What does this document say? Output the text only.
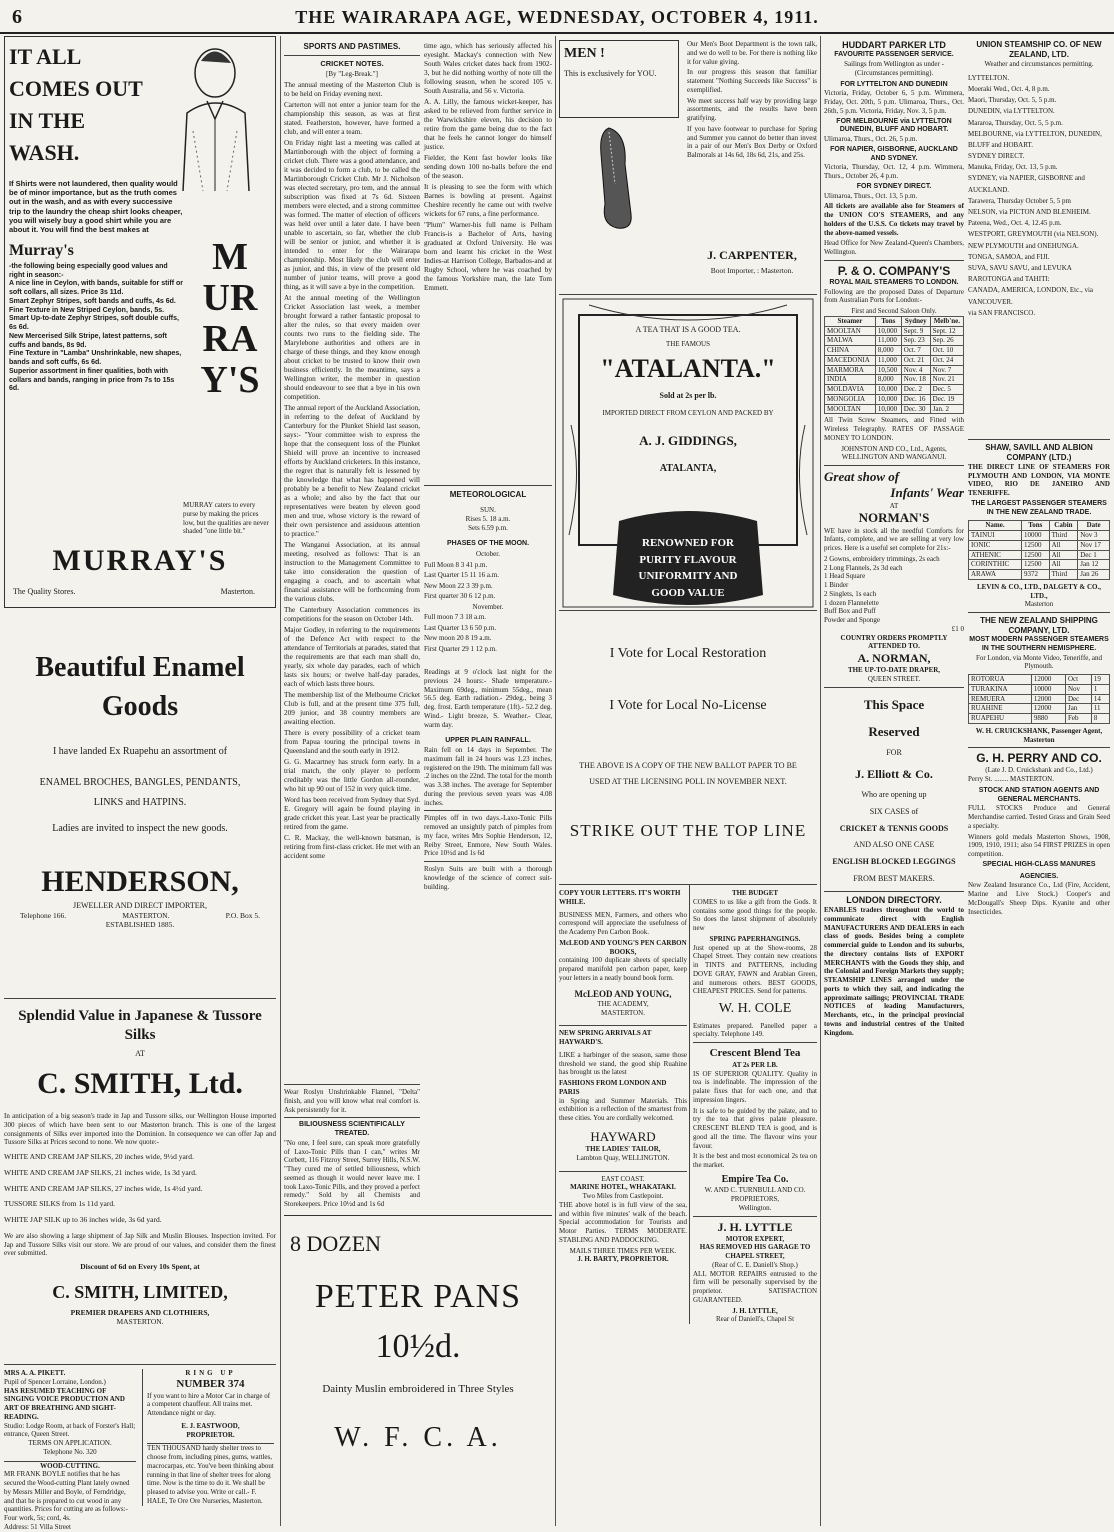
6	THE WAIRARAPA AGE, WEDNESDAY, OCTOBER 4, 1911.
IT ALL
COMES OUT
IN THE
WASH.
If Shirts were not laundered, then quality would be of minor importance, but as the truth comes out in the wash, and as with every successive trip to the laundry the cheap shirt looks cheaper, you will wisely buy a good shirt while you are about it. You will find the best makes at
Murray's
-the following being especially good values and right in season:-
A nice line in Ceylon, with bands, suitable for stiff or soft collars, all sizes. Price 3s 11d.
Smart Zephyr Stripes, soft bands and cuffs, 4s 6d.
Fine Texture in New Striped Ceylon, bands, 5s.
Smart Up-to-date Zephyr Stripes, soft double cuffs, 6s 6d.
New Mercerised Silk Stripe, latest patterns, soft cuffs and bands, 8s 9d.
Fine Texture in "Lamba" Unshrinkable, new shapes, bands and soft cuffs, 6s 6d.
Superior assortment in finer qualities, both with collars and bands, ranging in price from 7s to 15s 6d.
MURRAY'S
MURRAY caters to every purse by making the prices low, but the qualities are never shaded "one little bit."
MURRAY'S
The Quality Stores.	Masterton.
Beautiful Enamel
Goods
I have landed Ex Ruapehu an assortment of
ENAMEL BROCHES, BANGLES, PENDANTS, LINKS and HATPINS.
Ladies are invited to inspect the new goods.
HENDERSON,
JEWELLER AND DIRECT IMPORTER,
Telephone 166.	MASTERTON.	P.O. Box 5.
ESTABLISHED 1885.
Splendid Value in Japanese & Tussore Silks
AT
C. SMITH, Ltd.

In anticipation of a big season's trade in Jap and Tussore silks, our Wellington House imported 300 pieces of which have been sent to our Masterton branch. This is one of the largest consignments of Silks ever imported into the Dominion. In consequence we can offer Jap and Tussore Silks at Prices second to none. We now quote:-

WHITE AND CREAM JAP SILKS, 20 inches wide, 9½d yard.
WHITE AND CREAM JAP SILKS, 21 inches wide, 1s 3d yard.
WHITE AND CREAM JAP SILKS, 27 inches wide, 1s 4½d yard.
TUSSORE SILKS from 1s 11d yard.
WHITE JAP SILK up to 36 inches wide, 3s 6d yard.

We are also showing a large shipment of Jap Silk and Muslin Blouses. Inspection invited. For Jap and Tussore Silks visit our store. We are proud of our values, and consider them the finest ever submitted.

Discount of 6d on Every 10s Spent, at
C. SMITH, LIMITED,
PREMIER DRAPERS AND CLOTHIERS,
MASTERTON.
MRS A. A. PIKETT.
Pupil of Spencer Lorraine, London.)
HAS RESUMED TEACHING OF SINGING VOICE PRODUCTION AND ART OF BREATHING AND SIGHT-READING.
Studio: Lodge Room, at back of Forster's Hall; entrance, Queen Street.
TERMS ON APPLICATION.
Telephone No. 320
WOOD-CUTTING.
MR FRANK BOYLE notifies that he has secured the Wood-cutting Plant lately owned by Messrs Miller and Boyle, of Ferndridge, and that he is prepared to cut wood in any quantities. Prices for cutting are as follows:- Four work, 5s; cord, 4s.
Address: 51 Villa Street
RING UP
NUMBER 374
If you want to hire a Motor Car in charge of a competent chauffeur. All trains met.
Attendance night or day.
E. J. EASTWOOD,
PROPRIETOR.
TEN THOUSAND hardy shelter trees to choose from, including pines, gums, wattles, macrocarpas, etc. You've been thinking about running in that line of shelter trees for along time. Now is the time to do it. We shall be pleased to advise you. Write or call.- F. HALE, Te Ore Ore Nurseries, Masterton.
SPORTS AND PASTIMES.
CRICKET NOTES.
[By "Leg-Break."]

The annual meeting of the Masterton Club is to be held on Friday evening next.

Carterton will not enter a junior team for the championship this season, as was at first stated. Featherston, however, have formed a club, and will enter a team.

On Friday night last a meeting was called at Martinborough with the object of forming a cricket club. There was a good attendance, and it was decided to form a club, to be called the Martinborough Cricket Club. Mr J. Nicholson was elected secretary, pro tem, and the annual subscription was fixed at 7s 6d. Sixteen members were elected, and a strong committee was formed. The matter of election of officers was held over until a later date. I have been unable to ascertain, so far, whether the club will be senior or junior, and whether it is intended to enter for the Wairarapa championship. Most likely the club will enter as junior, and this, in view of the present old number of junior teams, will prove a good thing, as it will save a bye in the competition.

At the annual meeting of the Wellington Cricket Association last week, a member brought forward a rather fantastic proposal to alter the rules, so that every maiden over counts two runs to the fielding side. The Marylebone authorities and others are in charge of these things, and they know enough about cricket to be trusted to know their own business efficiently. In the meantime, says a Wellington writer, the member in question should endeavour to see that a bye in his own competition.

The annual report of the Auckland Association, in referring to the defeat of Auckland by Canterbury for the Plunket Shield last season, says:- "Your committee wish to express the hope that the consequent loss of the Plunket Shield will prove an incentive to increased efforts by Auckland cricketers. In this instance, the regret that is naturally felt is lessened by the knowledge that what has happened will probably be a benefit to New Zealand cricket as a whole; and also by the fact that our representatives were beaten by eleven good men and true, whose victory is the reward of their own persistence and assiduous attention to practice."

The Wanganui Association, at its annual meeting, resolved as follows: That is an instruction to the Management Committee to take into consideration the question of engaging a coach, and to ascertain what financial assistance will be forthcoming from the various clubs.

The Canterbury Association commences its competitions for the season on October 14th.

Major Godley, in referring to the requirements of the Defence Act with respect to the attendance of Territorials at parades, stated that the requirements are that each man shall do, yearly, six whole day parades, each of which lasts six hours; or twelve half-day parades, each of which lasts three hours.

The membership list of the Melbourne Cricket Club is full, and at the present time 375 full, 209 junior, and 38 country members are awaiting election.

There is every possibility of a cricket team from Papua touring the principal towns in Queensland and the south early in 1912.

G. G. Macartney has struck form early. In a trial match, the only player to perform creditably was the little Gordon all-rounder, who hit up 90 out of 152 in very quick time.

Word has been received from Sydney that Syd. E. Gregory will again be found playing in grade cricket this year. Last year he practically retired from the game.

C. R. Mackay, the well-known batsman, is retiring from first-class cricket. He met with an accident some

Wear Roslyn Unshrinkable Flannel, "Delta" finish, and you will know what real comfort is. Ask persistently for it.

BILIOUSNESS SCIENTIFICALLY TREATED.

"No one, I feel sure, can speak more gratefully of Laxo-Tonic Pills than I can," writes Mr Corbett, 116 Fitzroy Street, Surrey Hills, N.S.W. "They cured me of settled biliousness, which seemed as though it would never leave me. I took Laxo-Tonic Pills, and they proved a perfect remedy." Sold by all Chemists and Storekeepers. Price 10½d and 1s 6d

time ago, which has seriously affected his eyesight. Mackay's connection with New South Wales cricket dates back from 1902-3, but he did nothing worthy of note till the following season, when he scored 105 v. South Australia, and 56 v. Victoria.

A. A. Lilly, the famous wicket-keeper, has asked to be relieved from further service in the Warwickshire eleven, his decision to retire from the game being due to the fact that he feels he cannot longer do himself justice.

Fielder, the Kent fast bowler looks like sending down 100 no-balls before the end of the season.

It is pleasing to see the form with which Barnes is bowling at present. Against Cheshire recently he came out with twelve wickets for 67 runs, a fine performance.

"Plum" Warner-his full name is Pelham Francis-is a Bachelor of Arts, having graduated at Oxford University. He was born and learnt his cricket in the West Indies-at Harrison College, Barbados-and at Rugby School, where he was coached by the famous Yorkshire man, the late Tom Emmett.

METEOROLOGICAL
SUN.
Rises 5. 18 a.m.
Sets 6.59 p.m.
PHASES OF THE MOON.
October.
Full Moon 8 3 41 p.m.
Last Quarter 15 11 16 a.m.
New Moon 22 3 39 p.m.
First quarter 30 6 12 p.m.
November.
Full moon 7 3 18 a.m.
Last Quarter 13 6 50 p.m.
New moon 20 8 19 a.m.
First Quarter 29 1 12 p.m.

Readings at 9 o'clock last night for the previous 24 hours:- Shade temperature.- Maximum 69deg., minimum 55deg., mean 56.5 deg. Earth radiation.- 29deg., being 3 deg. frost. Earth temperature (1ft).- 52.2 deg. Wind.- Light breeze, S. Weather.- Clear, warm day.

UPPER PLAIN RAINFALL.

Rain fell on 14 days in September. The maximum fall in 24 hours was 1.23 inches, registered on the 19th. The minimum fall was .2 inches on the 22nd. The total for the month was 3.38 inches. The average for September during the previous seven years was 4.08 inches.

Pimples off in two days.-Laxo-Tonic Pills removed an unsightly patch of pimples from my face, writes Mrs Sophie Henderson, 12, Reiby Street, Enmore, New South Wales. Price 10½d and 1s 6d

Roslyn Suits are built with a thorough knowledge of the science of correct suit-building.

8 DOZEN
PETER PANS
10½d.
Dainty Muslin embroidered in Three Styles
W. F. C. A.
MEN !
This is exclusively for YOU.

Our Men's Boot Department is the town talk, and we do well to be. For there is nothing like it for value giving.

In our progress this season that familiar statement "Nothing Succeeds like Success" is exemplified.

We meet success half way by providing large assortments, and the results have been gratifying.

If you have footwear to purchase for Spring and Summer you cannot do better than invest in a pair of our Men's Box Derby or Oxford Balmorals at 14s 6d, 18s 6d, 21s, and 25s.

J. CARPENTER,
Boot Importer, : Masterton.
A TEA THAT IS A GOOD TEA.
THE FAMOUS
"ATALANTA."
Sold at 2s per lb.
IMPORTED DIRECT FROM CEYLON AND PACKED BY
A. J. GIDDINGS,
ATALANTA,
RENOWNED FOR PURITY FLAVOUR UNIFORMITY AND GOOD VALUE
I Vote for Local Restoration
I Vote for Local No-License
THE ABOVE IS A COPY OF THE NEW BALLOT PAPER TO BE USED AT THE LICENSING POLL IN NOVEMBER NEXT.
STRIKE OUT THE TOP LINE
COPY YOUR LETTERS. IT'S WORTH WHILE.

BUSINESS MEN, Farmers, and others who correspond will appreciate the usefulness of the Academy Pen Carbon Book.

McLEOD AND YOUNG'S PEN CARBON BOOKS,

containing 100 duplicate sheets of specially prepared manifold pen carbon paper, keep your letters in a neatly bound book form.

McLEOD AND YOUNG,
THE ACADEMY,
MASTERTON.
NEW SPRING ARRIVALS AT HAYWARD'S.

LIKE a harbinger of the season, same those threshold we stand, the good ship Ruahine has brought us the latest

FASHIONS FROM LONDON AND PARIS

in Spring and Summer Materials. This exhibition is a reflection of the smartest from these cities. You are cordially welcomed.

HAYWARD
THE LADIES' TAILOR,
Lambton Quay, WELLINGTON.
EAST COAST.
MARINE HOTEL, WHAKATAKI.
Two Miles from Castlepoint.

THE above hotel is in full view of the sea, and within five minutes' walk of the beach. Special accommodation for Tourists and Motor Parties. TERMS MODERATE. STABLING AND PADDOCKING.

MAILS THREE TIMES PER WEEK.
J. H. BARTY, PROPRIETOR.
THE BUDGET

COMES to us like a gift from the Gods. It contains some good things for the people. So does the latest shipment of absolutely new

SPRING PAPERHANGINGS.

Just opened up at the Show-rooms, 28 Chapel Street. They contain new creations in TINTS and PATTERNS, including DOVE GRAY, FAWN and Arabian Green, and numerous others. BEST GOODS, CHEAPEST PRICES. Send for patterns.

W. H. COLE

Estimates prepared. Panelled paper a specialty. Telephone 149.

Crescent Blend Tea
AT 2s PER LB.

IS OF SUPERIOR QUALITY. Quality in tea is indefinable. The impression of the palate fixes that for each one, and that impression lingers.

It is safe to be guided by the palate, and to try the tea that gives palate pleasure. CRESCENT BLEND TEA is good, and is good all the time. The flavour wins your favour.

It is the best and most economical 2s tea on the market.

Empire Tea Co.
W. AND C. TURNBULL AND CO. PROPRIETORS,
Wellington.
J. H. LYTTLE
MOTOR EXPERT,
HAS REMOVED HIS GARAGE TO CHAPEL STREET,
(Rear of C. E. Daniell's Shop.)

ALL MOTOR REPAIRS entrusted to the firm will be personally supervised by the proprietor. SATISFACTION GUARANTEED.

J. H. LYTTLE,
Rear of Daniell's, Chapel St
HUDDART PARKER LTD
FAVOURITE PASSENGER SERVICE.
Sailings from Wellington as under - (Circumstances permitting).
FOR LYTTELTON AND DUNEDIN

Victoria, Friday, October 6, 5 p.m. Wimmera, Friday, Oct. 20th, 5 p.m. Ulimaroa, Thurs., Oct. 26th, 5 p.m. Victoria, Friday, Nov. 3, 5 p.m.

FOR MELBOURNE via LYTTELTON DUNEDIN, BLUFF AND HOBART.

Ulimaroa, Thurs., Oct. 26, 5 p.m.

FOR NAPIER, GISBORNE, AUCKLAND AND SYDNEY.

Victoria, Thursday, Oct. 12, 4 p.m. Wimmera, Thurs., October 26, 4 p.m.

FOR SYDNEY DIRECT.

Ulimaroa, Thurs., Oct. 13, 5 p.m.

All tickets are available also for Steamers of the UNION CO'S STEAMERS, and any holders of the U.S.S. Co tickets may travel by the above-named vessels.

Head Office for New Zealand-Queen's Chambers, Wellington.

P. & O. COMPANY'S
ROYAL MAIL STEAMERS TO LONDON.

Following are the proposed Dates of Departure from Australian Ports for London:-

First and Second Saloon Only.
Steamer	Tons	Sydney	Melb'ne.
MOOLTAN	10,000	Sept. 9	Sept. 12
MALWA	11,000	Sep. 23	Sep. 26
CHINA	8,000	Oct. 7	Oct. 10
MACEDONIA	11,000	Oct. 21	Oct. 24
MARMORA	10,500	Nov. 4	Nov. 7
INDIA	8,000	Nov. 18	Nov. 21
MOLDAVIA	10,000	Dec. 2	Dec. 5
MONGOLIA	10,000	Dec. 16	Dec. 19
MOOLTAN	10,000	Dec. 30	Jan. 2

All Twin Screw Steamers, and Fitted with Wireless Telegraphy. RATES OF PASSAGE MONEY TO LONDON.

JOHNSTON AND CO., Ltd., Agents,
WELLINGTON AND WANGANUI.
Great show of
Infants' Wear
AT
NORMAN'S

WE have in stock all the needful Comforts for Infants, complete, and we are selling at very low prices. Here is a useful set complete for 21s:-

2 Gowns, embroidery trimmings, 2s each
2 Long Flannels, 2s 3d each
1 Head Square
1 Binder
2 Singlets, 1s each
1 dozen Flannelette
Buff Box and Puff
Powder and Sponge
£1 0
COUNTRY ORDERS PROMPTLY ATTENDED TO.
A. NORMAN,
THE UP-TO-DATE DRAPER,
QUEEN STREET.
This Space
Reserved
FOR
J. Elliott & Co.
Who are opening up
SIX CASES of
CRICKET & TENNIS GOODS
AND ALSO ONE CASE
ENGLISH BLOCKED LEGGINGS
FROM BEST MAKERS.
LONDON DIRECTORY.

ENABLES traders throughout the world to communicate direct with English MANUFACTURERS AND DEALERS in each class of goods. Besides being a complete commercial guide to London and its suburbs, the directory contains lists of EXPORT MERCHANTS with the Goods they ship, and the Colonial and Foreign Markets they supply; STEAMSHIP LINES arranged under the ports to which they sail, and indicating the approximate sailings; PROVINCIAL TRADE NOTICES of leading Manufacturers, Merchants, etc., in the principal provincial towns and industrial centres of the United Kingdom.

UNION STEAMSHIP CO. OF NEW ZEALAND, LTD.
Weather and circumstances permitting.
LYTTELTON.
Moeraki Wed., Oct. 4, 8 p.m.
Maori, Thursday, Oct. 5, 5 p.m.
DUNEDIN, via LYTTELTON.
Mararoa, Thursday, Oct. 5, 5 p.m.
MELBOURNE, via LYTTELTON, DUNEDIN, BLUFF and HOBART.
SYDNEY DIRECT.
Manuka, Friday, Oct. 13, 5 p.m.
SYDNEY, via NAPIER, GISBORNE and AUCKLAND.
Tarawera, Thursday October 5, 5 pm
NELSON, via PICTON AND BLENHEIM.
Pateena, Wed., Oct. 4, 12.45 p.m.
WESTPORT, GREYMOUTH (via NELSON).
NEW PLYMOUTH and ONEHUNGA.
TONGA, SAMOA, and FIJI.
SUVA, SAVU SAVU, and LEVUKA
RAROTONGA and TAHITI:
CANADA, AMERICA, LONDON, Etc., via VANCOUVER.
via SAN FRANCISCO.
SHAW, SAVILL AND ALBION COMPANY (LTD.)

THE DIRECT LINE OF STEAMERS FOR PLYMOUTH AND LONDON, VIA MONTE VIDEO, RIO DE JANEIRO AND TENERIFFE.

THE LARGEST PASSENGER STEAMERS IN THE NEW ZEALAND TRADE.
Name.	Tons	Cabin	Date
TAINUI	10000	Third	Nov 3
IONIC	12500	All	Nov 17
ATHENIC	12500	All	Dec 1
CORINTHIC	12500	All	Jan 12
ARAWA	9372	Third	Jan 26
LEVIN & CO., LTD., DALGETY & CO., LTD.,
Masterton
THE NEW ZEALAND SHIPPING COMPANY, LTD.
MOST MODERN PASSENGER STEAMERS IN THE SOUTHERN HEMISPHERE.
For London, via Monte Video, Teneriffe, and Plymouth.
ROTORUA	12000	Oct	19
TURAKINA	10000	Nov	1
REMUERA	12000	Dec	14
RUAHINE	12000	Jan	11
RUAPEHU	9880	Feb	8
W. H. CRUICKSHANK, Passenger Agent, Masterton
G. H. PERRY AND CO.
(Late J. D. Cruickshank and Co., Ltd.)
Perry St. ........ MASTERTON.
STOCK AND STATION AGENTS AND GENERAL MERCHANTS.

FULL STOCKS Produce and General Merchandise carried. Tested Grass and Grain Seed a specialty.

Winners gold medals Masterton Shows, 1908, 1909, 1910, 1911; also 54 FIRST PRIZES in open competition.

SPECIAL HIGH-CLASS MANURES
AGENCIES.

New Zealand Insurance Co., Ltd (Fire, Accident, Marine and Live Stock.) Cooper's and McDougall's Sheep Dips. Kyanite and other Insecticides.
